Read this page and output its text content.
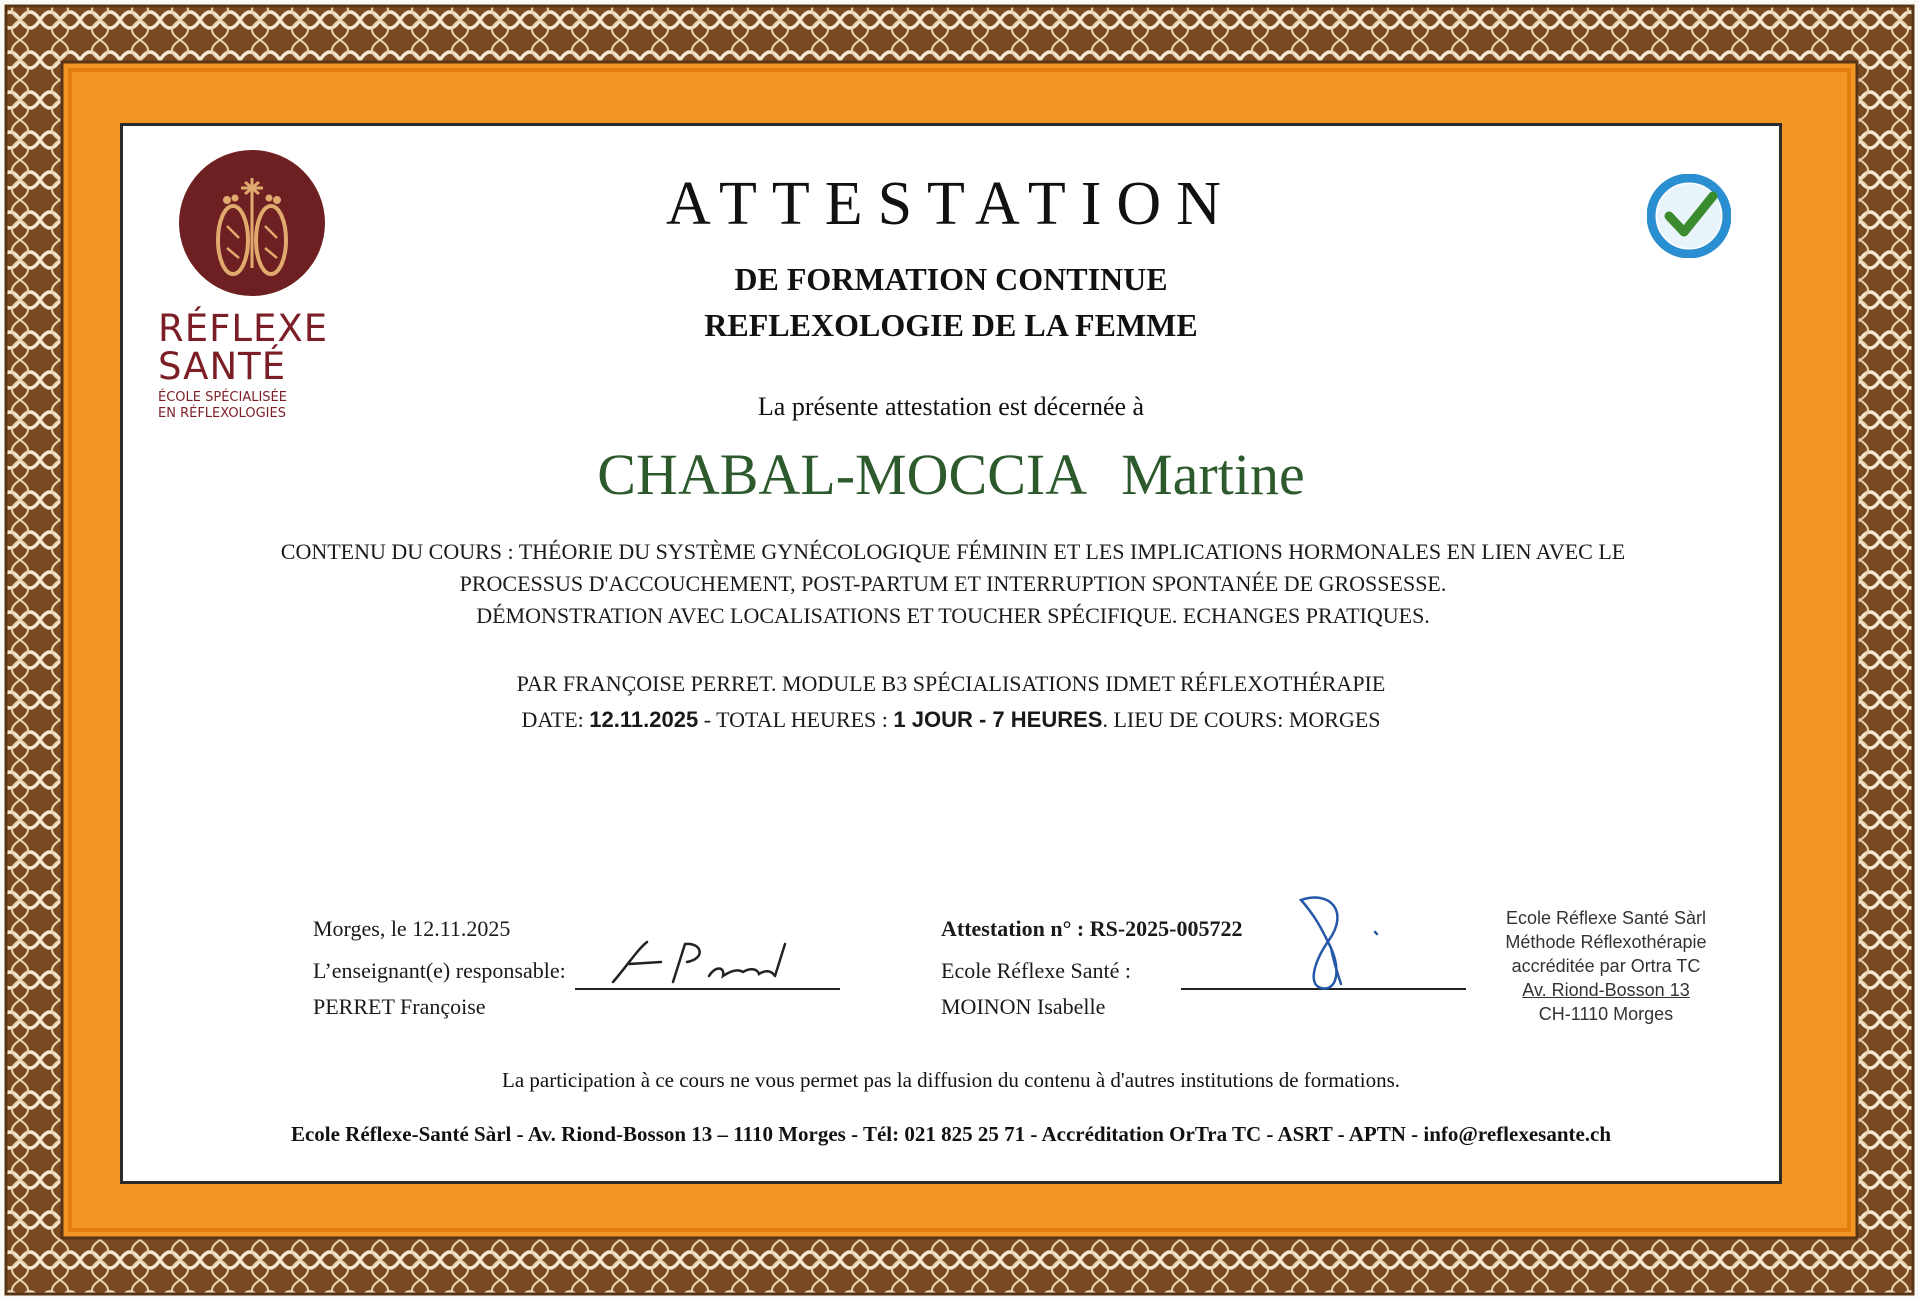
RÉFLEXE
SANTÉ
ÉCOLE SPÉCIALISÉE
EN RÉFLEXOLOGIES
ATTESTATION
DE FORMATION CONTINUE
REFLEXOLOGIE DE LA FEMME
La présente attestation est décernée à
CHABAL-MOCCIA Martine
CONTENU DU COURS : THÉORIE DU SYSTÈME GYNÉCOLOGIQUE FÉMININ ET LES IMPLICATIONS HORMONALES EN LIEN AVEC LE
PROCESSUS D'ACCOUCHEMENT, POST-PARTUM ET INTERRUPTION SPONTANÉE DE GROSSESSE.
DÉMONSTRATION AVEC LOCALISATIONS ET TOUCHER SPÉCIFIQUE. ECHANGES PRATIQUES.
PAR FRANÇOISE PERRET. MODULE B3 SPÉCIALISATIONS IDMET RÉFLEXOTHÉRAPIE
DATE: 12.11.2025 - TOTAL HEURES : 1 JOUR - 7 HEURES. LIEU DE COURS: MORGES
Morges, le 12.11.2025
L’enseignant(e) responsable:
PERRET Françoise
Attestation n° : RS-2025-005722
Ecole Réflexe Santé :
MOINON Isabelle
Ecole Réflexe Santé Sàrl
Méthode Réflexothérapie
accréditée par Ortra TC
Av. Riond-Bosson 13
CH-1110 Morges
La participation à ce cours ne vous permet pas la diffusion du contenu à d'autres institutions de formations.
Ecole Réflexe-Santé Sàrl - Av. Riond-Bosson 13 – 1110 Morges - Tél: 021 825 25 71 - Accréditation OrTra TC - ASRT - APTN - info@reflexesante.ch
